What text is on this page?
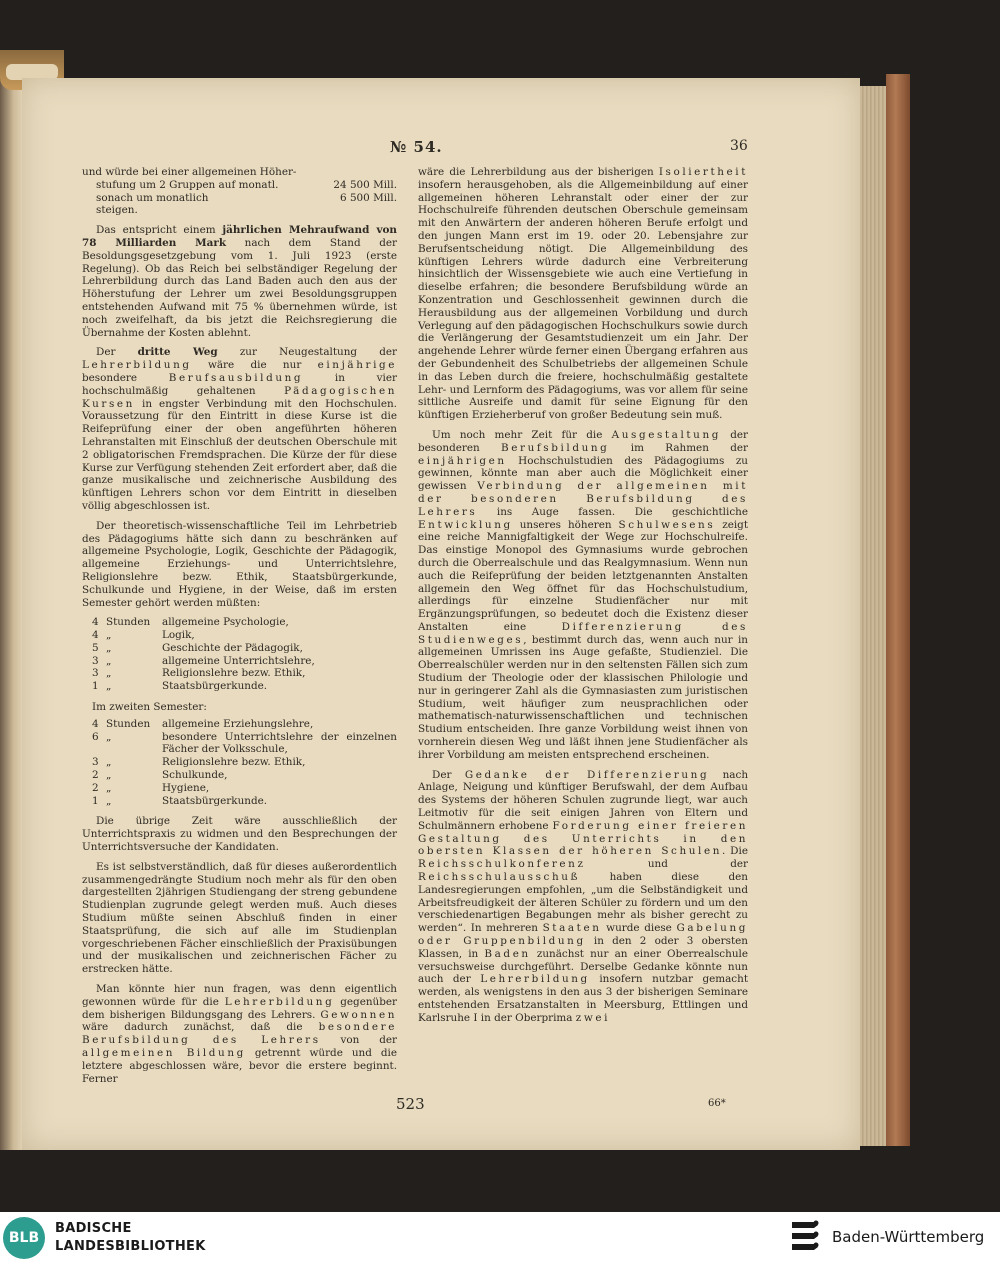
№ 54.	36

und würde bei einer allgemeinen Höher-

stufung um 2 Gruppen auf monatl.	24 500 Mill.
sonach um monatlich	6 500 Mill.

steigen.

Das entspricht einem jährlichen Mehraufwand von 78 Milliarden Mark nach dem Stand der Besoldungsgesetzgebung vom 1. Juli 1923 (erste Regelung). Ob das Reich bei selbständiger Regelung der Lehrerbildung durch das Land Baden auch den aus der Höherstufung der Lehrer um zwei Besoldungsgruppen entstehenden Aufwand mit 75 % übernehmen würde, ist noch zweifelhaft, da bis jetzt die Reichsregierung die Übernahme der Kosten ablehnt.

Der dritte Weg zur Neugestaltung der Lehrerbildung wäre die nur einjährige besondere Berufsausbildung in vier hochschulmäßig gehaltenen Pädagogischen Kursen in engster Verbindung mit den Hochschulen. Voraussetzung für den Eintritt in diese Kurse ist die Reifeprüfung einer der oben angeführten höheren Lehranstalten mit Einschluß der deutschen Oberschule mit 2 obligatorischen Fremdsprachen. Die Kürze der für diese Kurse zur Verfügung stehenden Zeit erfordert aber, daß die ganze musikalische und zeichnerische Ausbildung des künftigen Lehrers schon vor dem Eintritt in dieselben völlig abgeschlossen ist.

Der theoretisch-wissenschaftliche Teil im Lehrbetrieb des Pädagogiums hätte sich dann zu beschränken auf allgemeine Psychologie, Logik, Geschichte der Pädagogik, allgemeine Erziehungs- und Unterrichtslehre, Religionslehre bezw. Ethik, Staatsbürgerkunde, Schulkunde und Hygiene, in der Weise, daß im ersten Semester gehört werden müßten:

4 Stunden	allgemeine Psychologie,
4 „	Logik,
5 „	Geschichte der Pädagogik,
3 „	allgemeine Unterrichtslehre,
3 „	Religionslehre bezw. Ethik,
1 „	Staatsbürgerkunde.
Im zweiten Semester:
4 Stunden	allgemeine Erziehungslehre,
6 „	besondere Unterrichtslehre der einzelnen Fächer der Volksschule,
3 „	Religionslehre bezw. Ethik,
2 „	Schulkunde,
2 „	Hygiene,
1 „	Staatsbürgerkunde.

Die übrige Zeit wäre ausschließlich der Unterrichtspraxis zu widmen und den Besprechungen der Unterrichtsversuche der Kandidaten.

Es ist selbstverständlich, daß für dieses außerordentlich zusammengedrängte Studium noch mehr als für den oben dargestellten 2jährigen Studiengang der streng gebundene Studienplan zugrunde gelegt werden muß. Auch dieses Studium müßte seinen Abschluß finden in einer Staatsprüfung, die sich auf alle im Studienplan vorgeschriebenen Fächer einschließlich der Praxisübungen und der musikalischen und zeichnerischen Fächer zu erstrecken hätte.

Man könnte hier nun fragen, was denn eigentlich gewonnen würde für die Lehrerbildung gegenüber dem bisherigen Bildungsgang des Lehrers. Gewonnen wäre dadurch zunächst, daß die besondere Berufsbildung des Lehrers von der allgemeinen Bildung getrennt würde und die letztere abgeschlossen wäre, bevor die erstere beginnt. Ferner

wäre die Lehrerbildung aus der bisherigen Isoliertheit insofern herausgehoben, als die Allgemeinbildung auf einer allgemeinen höheren Lehranstalt oder einer der zur Hochschulreife führenden deutschen Oberschule gemeinsam mit den Anwärtern der anderen höheren Berufe erfolgt und den jungen Mann erst im 19. oder 20. Lebensjahre zur Berufsentscheidung nötigt. Die Allgemeinbildung des künftigen Lehrers würde dadurch eine Verbreiterung hinsichtlich der Wissensgebiete wie auch eine Vertiefung in dieselbe erfahren; die besondere Berufsbildung würde an Konzentration und Geschlossenheit gewinnen durch die Herausbildung aus der allgemeinen Vorbildung und durch Verlegung auf den pädagogischen Hochschulkurs sowie durch die Verlängerung der Gesamtstudienzeit um ein Jahr. Der angehende Lehrer würde ferner einen Übergang erfahren aus der Gebundenheit des Schulbetriebs der allgemeinen Schule in das Leben durch die freiere, hochschulmäßig gestaltete Lehr- und Lernform des Pädagogiums, was vor allem für seine sittliche Ausreife und damit für seine Eignung für den künftigen Erzieherberuf von großer Bedeutung sein muß.

Um noch mehr Zeit für die Ausgestaltung der besonderen Berufsbildung im Rahmen der einjährigen Hochschulstudien des Pädagogiums zu gewinnen, könnte man aber auch die Möglichkeit einer gewissen Verbindung der allgemeinen mit der besonderen Berufsbildung des Lehrers ins Auge fassen. Die geschichtliche Entwicklung unseres höheren Schulwesens zeigt eine reiche Mannigfaltigkeit der Wege zur Hochschulreife. Das einstige Monopol des Gymnasiums wurde gebrochen durch die Oberrealschule und das Realgymnasium. Wenn nun auch die Reifeprüfung der beiden letztgenannten Anstalten allgemein den Weg öffnet für das Hochschulstudium, allerdings für einzelne Studienfächer nur mit Ergänzungsprüfungen, so bedeutet doch die Existenz dieser Anstalten eine Differenzierung des Studienweges, bestimmt durch das, wenn auch nur in allgemeinen Umrissen ins Auge gefaßte, Studienziel. Die Oberrealschüler werden nur in den seltensten Fällen sich zum Studium der Theologie oder der klassischen Philologie und nur in geringerer Zahl als die Gymnasiasten zum juristischen Studium, weit häufiger zum neusprachlichen oder mathematisch-naturwissenschaftlichen und technischen Studium entscheiden. Ihre ganze Vorbildung weist ihnen von vornherein diesen Weg und läßt ihnen jene Studienfächer als ihrer Vorbildung am meisten entsprechend erscheinen.

Der Gedanke der Differenzierung nach Anlage, Neigung und künftiger Berufswahl, der dem Aufbau des Systems der höheren Schulen zugrunde liegt, war auch Leitmotiv für die seit einigen Jahren von Eltern und Schulmännern erhobene Forderung einer freieren Gestaltung des Unterrichts in den obersten Klassen der höheren Schulen. Die Reichsschulkonferenz und der Reichsschulausschuß haben diese den Landesregierungen empfohlen, „um die Selbständigkeit und Arbeitsfreudigkeit der älteren Schüler zu fördern und um den verschiedenartigen Begabungen mehr als bisher gerecht zu werden“. In mehreren Staaten wurde diese Gabelung oder Gruppenbildung in den 2 oder 3 obersten Klassen, in Baden zunächst nur an einer Oberrealschule versuchsweise durchgeführt. Derselbe Gedanke könnte nun auch der Lehrerbildung insofern nutzbar gemacht werden, als wenigstens in den aus 3 der bisherigen Seminare entstehenden Ersatzanstalten in Meersburg, Ettlingen und Karlsruhe I in der Oberprima zwei

523	66*
BLB
BADISCHE
LANDESBIBLIOTHEK
Baden-Württemberg
